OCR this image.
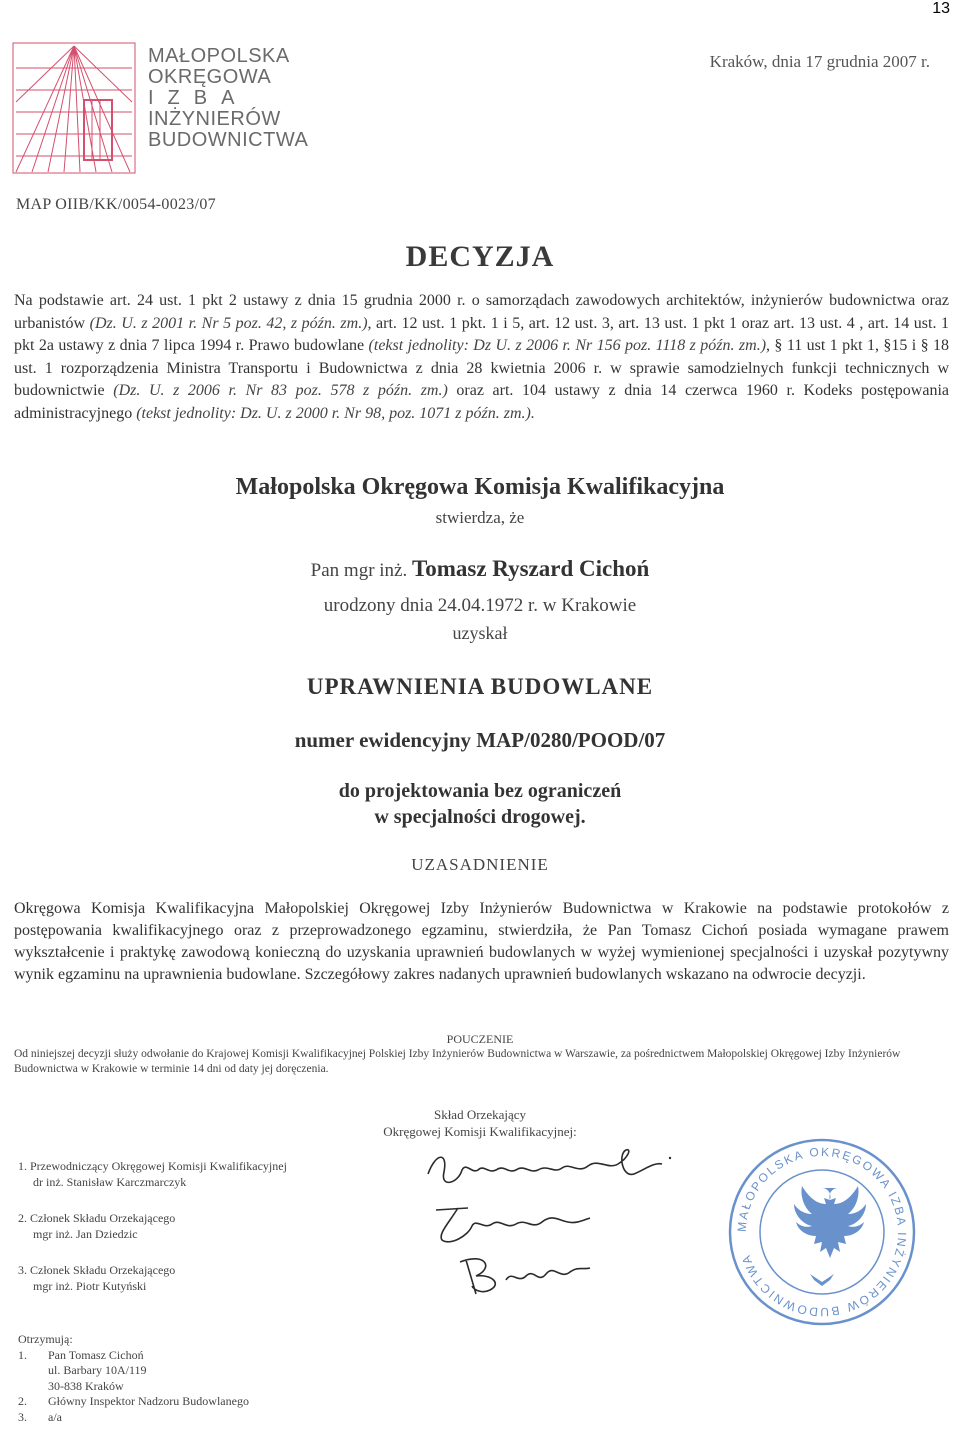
13
MAŁOPOLSKA
OKRĘGOWA
IZBA
INŻYNIERÓW
BUDOWNICTWA
Kraków, dnia 17 grudnia 2007 r.
MAP OIIB/KK/0054-0023/07
DECYZJA
Na podstawie art. 24 ust. 1 pkt 2 ustawy z dnia 15 grudnia 2000 r. o samorządach zawodowych architektów, inżynierów budownictwa oraz urbanistów (Dz. U. z 2001 r. Nr 5 poz. 42, z późn. zm.), art. 12 ust. 1 pkt. 1 i 5, art. 12 ust. 3, art. 13 ust. 1 pkt 1 oraz art. 13 ust. 4 , art. 14 ust. 1 pkt 2a ustawy z dnia 7 lipca 1994 r. Prawo budowlane (tekst jednolity: Dz U. z 2006 r. Nr 156 poz. 1118 z późn. zm.), § 11 ust 1 pkt 1, §15 i § 18 ust. 1 rozporządzenia Ministra Transportu i Budownictwa z dnia 28 kwietnia 2006 r. w sprawie samodzielnych funkcji technicznych w budownictwie (Dz. U. z 2006 r. Nr 83 poz. 578 z późn. zm.) oraz art. 104 ustawy z dnia 14 czerwca 1960 r. Kodeks postępowania administracyjnego (tekst jednolity: Dz. U. z 2000 r. Nr 98, poz. 1071 z późn. zm.).
Małopolska Okręgowa Komisja Kwalifikacyjna
stwierdza, że
Pan mgr inż. Tomasz Ryszard Cichoń
urodzony dnia 24.04.1972 r. w Krakowie
uzyskał
UPRAWNIENIA BUDOWLANE
numer ewidencyjny MAP/0280/POOD/07
do projektowania bez ograniczeń
w specjalności drogowej.
UZASADNIENIE
Okręgowa Komisja Kwalifikacyjna Małopolskiej Okręgowej Izby Inżynierów Budownictwa w Krakowie na podstawie protokołów z postępowania kwalifikacyjnego oraz z przeprowadzonego egzaminu, stwierdziła, że Pan Tomasz Cichoń posiada wymagane prawem wykształcenie i praktykę zawodową konieczną do uzyskania uprawnień budowlanych w wyżej wymienionej specjalności i uzyskał pozytywny wynik egzaminu na uprawnienia budowlane. Szczegółowy zakres nadanych uprawnień budowlanych wskazano na odwrocie decyzji.
POUCZENIE
Od niniejszej decyzji służy odwołanie do Krajowej Komisji Kwalifikacyjnej Polskiej Izby Inżynierów Budownictwa w Warszawie, za pośrednictwem Małopolskiej Okręgowej Izby Inżynierów Budownictwa w Krakowie w terminie 14 dni od daty jej doręczenia.
Skład Orzekający
Okręgowej Komisji Kwalifikacyjnej:
1. Przewodniczący Okręgowej Komisji Kwalifikacyjnej
dr inż. Stanisław Karczmarczyk
2. Członek Składu Orzekającego
mgr inż. Jan Dziedzic
3. Członek Składu Orzekającego
mgr inż. Piotr Kutyński
MAŁOPOLSKA OKRĘGOWA IZBA INŻYNIERÓW BUDOWNICTWA
Otrzymują:
1.	Pan Tomasz Cichoń
ul. Barbary 10A/119
30-838 Kraków
2.	Główny Inspektor Nadzoru Budowlanego
3.	a/a
